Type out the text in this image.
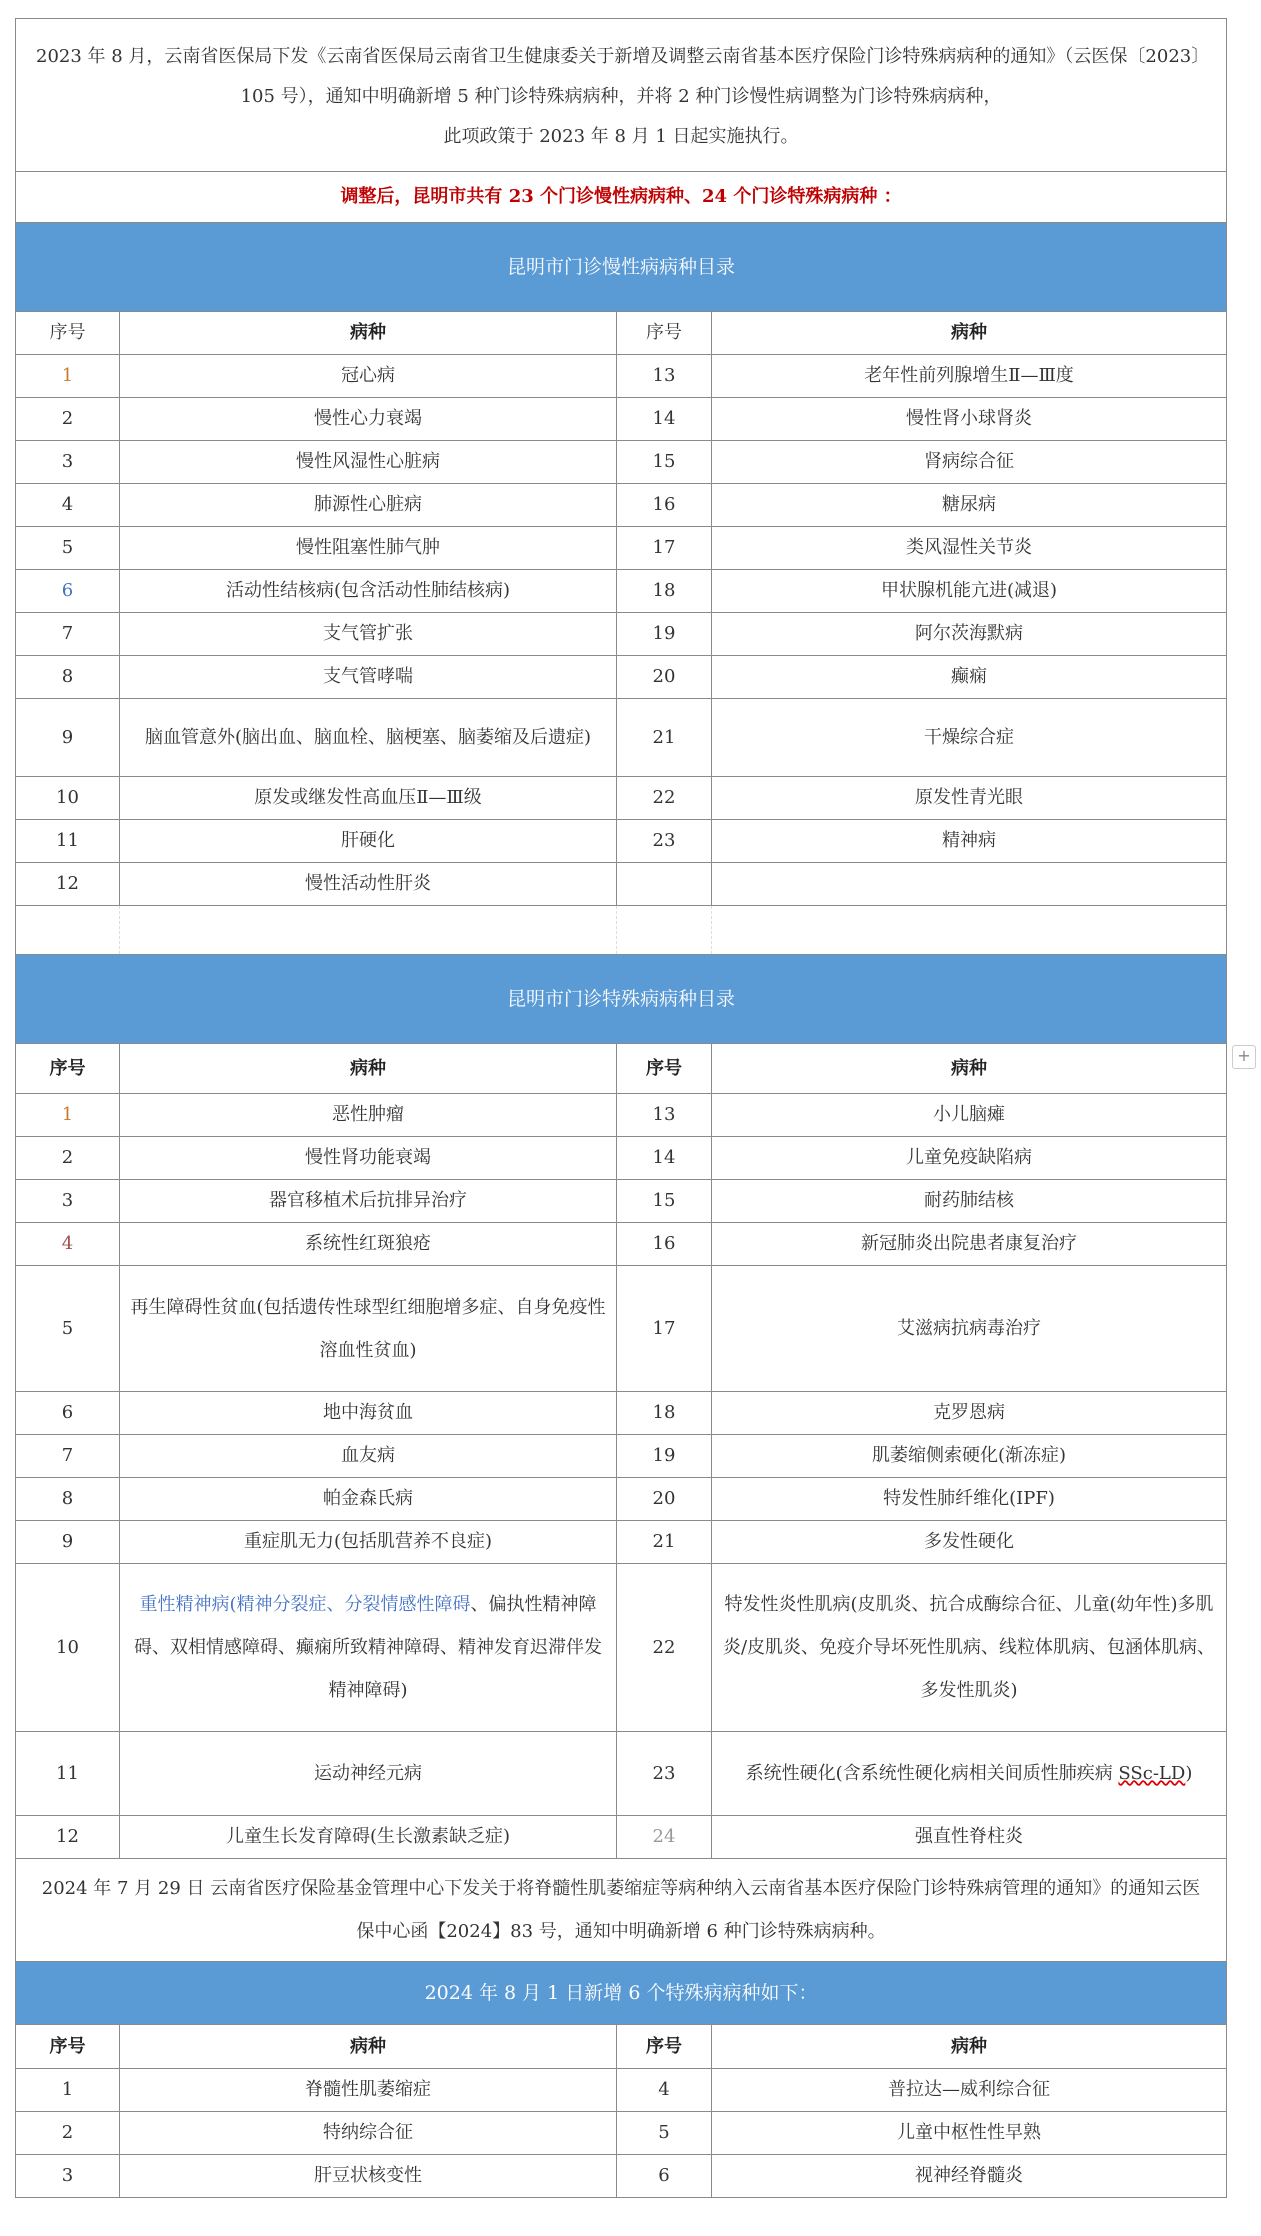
2023 年 8 月，云南省医保局下发《云南省医保局云南省卫生健康委关于新增及调整云南省基本医疗保险门诊特殊病病种的通知》（云医保〔2023〕
105 号），通知中明确新增 5 种门诊特殊病病种，并将 2 种门诊慢性病调整为门诊特殊病病种，
此项政策于 2023 年 8 月 1 日起实施执行。			

调整后，昆明市共有 23 个门诊慢性病病种、24 个门诊特殊病病种 ：			
昆明市门诊慢性病病种目录			
序号	病种	序号	病种
1	冠心病	13	老年性前列腺增生Ⅱ—Ⅲ度
2	慢性心力衰竭	14	慢性肾小球肾炎
3	慢性风湿性心脏病	15	肾病综合征
4	肺源性心脏病	16	糖尿病
5	慢性阻塞性肺气肿	17	类风湿性关节炎
6	活动性结核病(包含活动性肺结核病)	18	甲状腺机能亢进(减退)
7	支气管扩张	19	阿尔茨海默病
8	支气管哮喘	20	癫痫
9	脑血管意外(脑出血、脑血栓、脑梗塞、脑萎缩及后遗症)	21	干燥综合症
10	原发或继发性高血压Ⅱ—Ⅲ级	22	原发性青光眼
11	肝硬化	23	精神病
12	慢性活动性肝炎		

昆明市门诊特殊病病种目录			
序号	病种	序号	病种
1	恶性肿瘤	13	小儿脑瘫
2	慢性肾功能衰竭	14	儿童免疫缺陷病
3	器官移植术后抗排异治疗	15	耐药肺结核
4	系统性红斑狼疮	16	新冠肺炎出院患者康复治疗
5	再生障碍性贫血(包括遗传性球型红细胞增多症、自身免疫性溶血性贫血)	17	艾滋病抗病毒治疗
6	地中海贫血	18	克罗恩病
7	血友病	19	肌萎缩侧索硬化(渐冻症)
8	帕金森氏病	20	特发性肺纤维化(IPF)
9	重症肌无力(包括肌营养不良症)	21	多发性硬化
10	重性精神病(精神分裂症、分裂情感性障碍、偏执性精神障碍、双相情感障碍、癫痫所致精神障碍、精神发育迟滞伴发精神障碍)	22	特发性炎性肌病(皮肌炎、抗合成酶综合征、儿童(幼年性)多肌炎/皮肌炎、免疫介导坏死性肌病、线粒体肌病、包涵体肌病、多发性肌炎)
11	运动神经元病	23	系统性硬化(含系统性硬化病相关间质性肺疾病 SSc-LD)
12	儿童生长发育障碍(生长激素缺乏症)	24	强直性脊柱炎

2024 年 7 月 29 日 云南省医疗保险基金管理中心下发关于将脊髓性肌萎缩症等病种纳入云南省基本医疗保险门诊特殊病管理的通知》的通知云医
保中心函【2024】83 号，通知中明确新增 6 种门诊特殊病病种。			

2024 年 8 月 1 日新增 6 个特殊病病种如下：			
序号	病种	序号	病种
1	脊髓性肌萎缩症	4	普拉达—威利综合征
2	特纳综合征	5	儿童中枢性性早熟
3	肝豆状核变性	6	视神经脊髓炎
+
